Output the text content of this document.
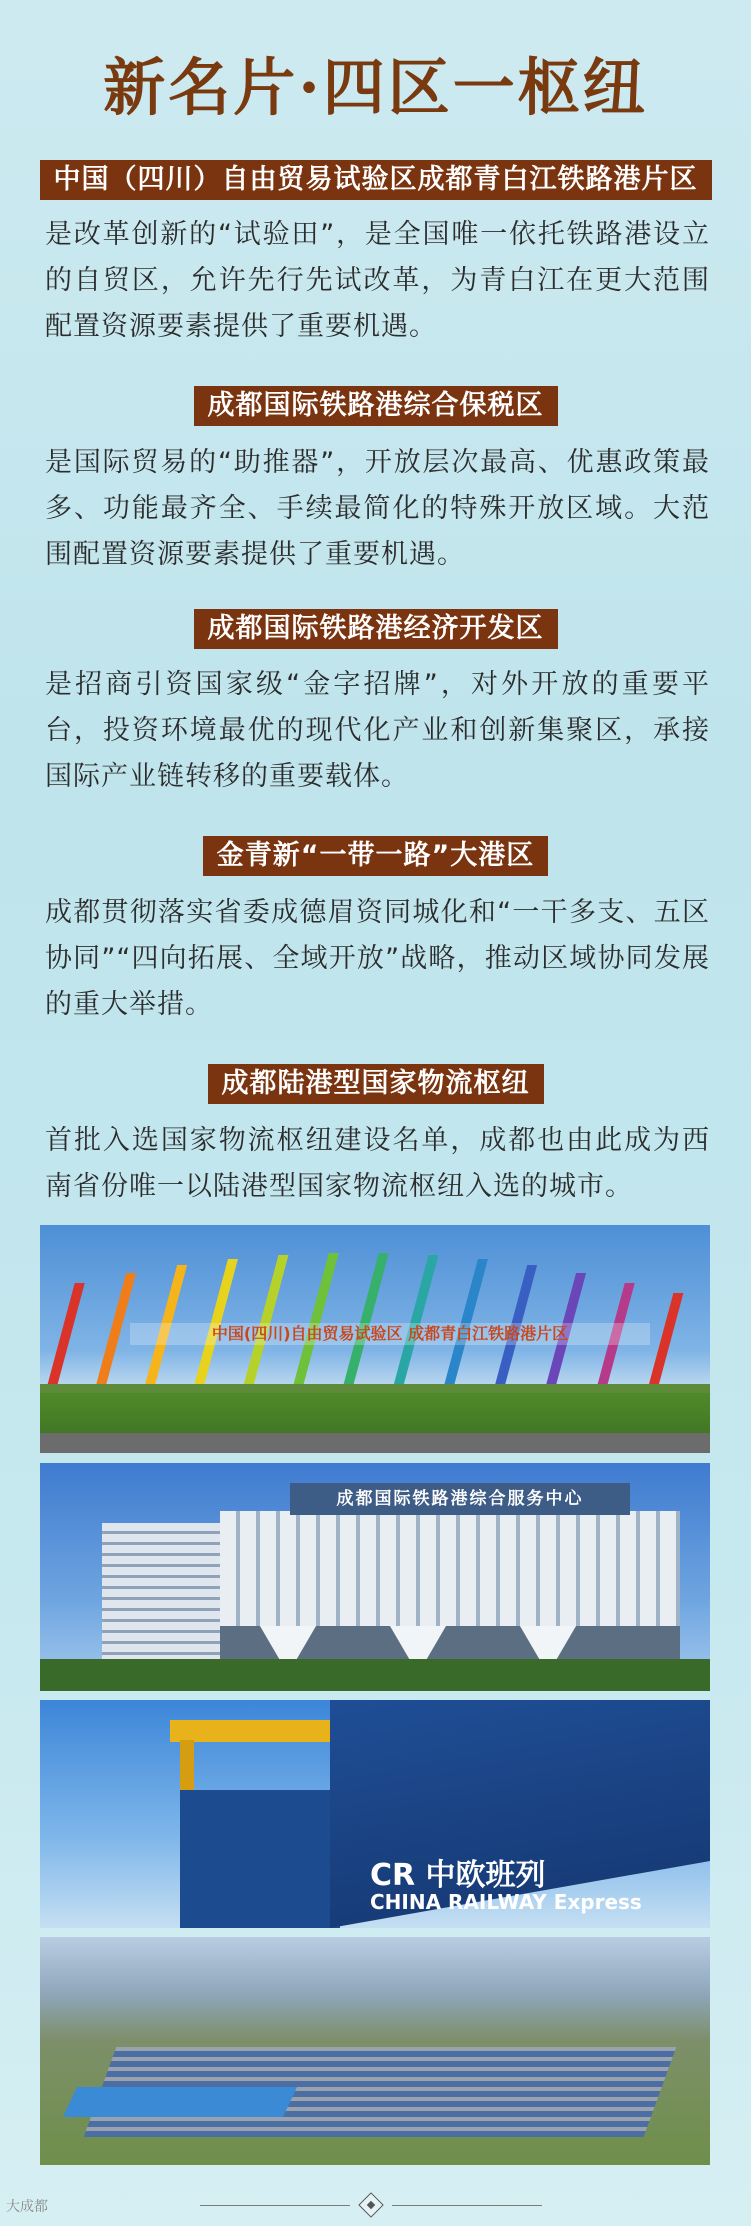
新名片·四区一枢纽
中国（四川）自由贸易试验区成都青白江铁路港片区

是改革创新的“试验田”，是全国唯一依托铁路港设立的自贸区，允许先行先试改革，为青白江在更大范围配置资源要素提供了重要机遇。

成都国际铁路港综合保税区

是国际贸易的“助推器”，开放层次最高、优惠政策最多、功能最齐全、手续最简化的特殊开放区域。大范围配置资源要素提供了重要机遇。

成都国际铁路港经济开发区

是招商引资国家级“金字招牌”，对外开放的重要平台，投资环境最优的现代化产业和创新集聚区，承接国际产业链转移的重要载体。

金青新“一带一路”大港区

成都贯彻落实省委成德眉资同城化和“一干多支、五区协同”“四向拓展、全域开放”战略，推动区域协同发展的重大举措。

成都陆港型国家物流枢纽

首批入选国家物流枢纽建设名单，成都也由此成为西南省份唯一以陆港型国家物流枢纽入选的城市。

中国(四川)自由贸易试验区 成都青白江铁路港片区
成都国际铁路港综合服务中心
CR 中欧班列
CHINA RAILWAY Express
大成都
